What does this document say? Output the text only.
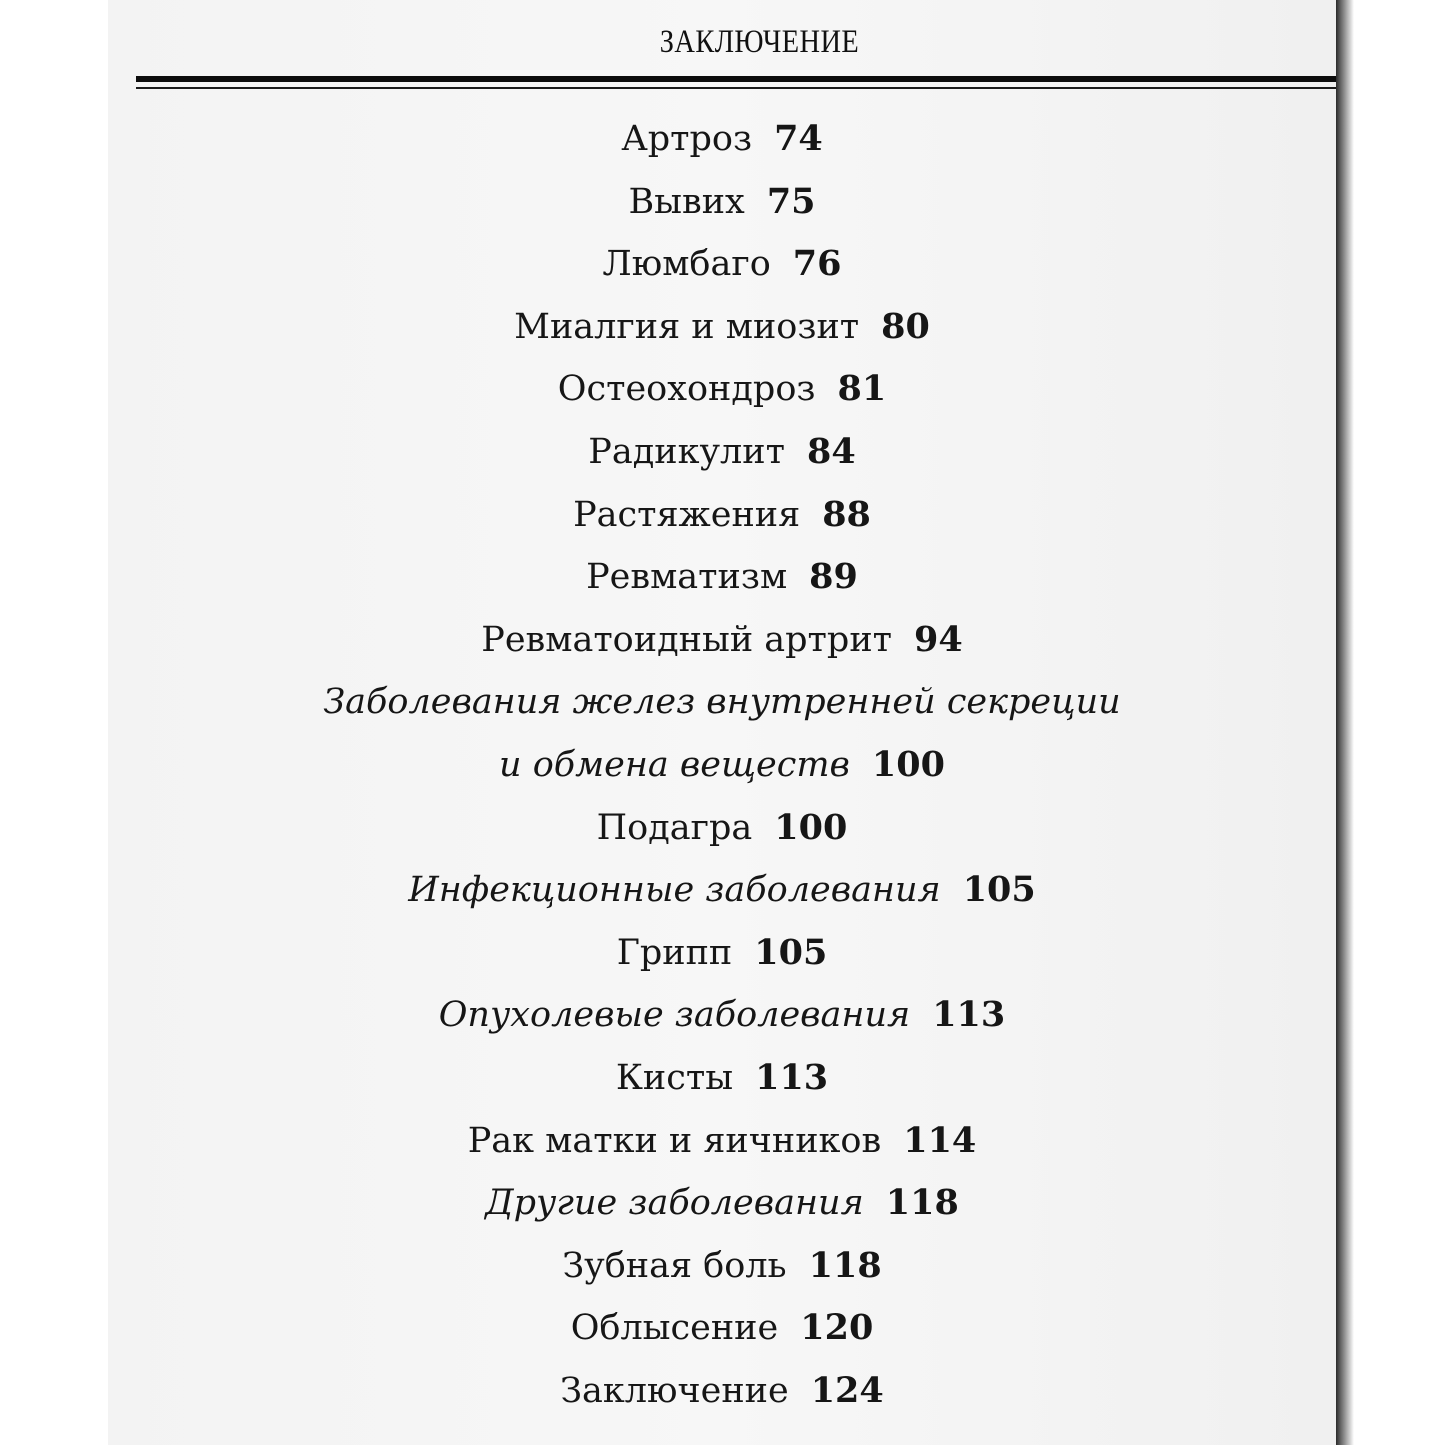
ЗАКЛЮЧЕНИЕ
Артроз 74
Вывих 75
Люмбаго 76
Миалгия и миозит 80
Остеохондроз 81
Радикулит 84
Растяжения 88
Ревматизм 89
Ревматоидный артрит 94
Заболевания желез внутренней секреции
и обмена веществ 100
Подагра 100
Инфекционные заболевания 105
Грипп 105
Опухолевые заболевания 113
Кисты 113
Рак матки и яичников 114
Другие заболевания 118
Зубная боль 118
Облысение 120
Заключение 124
